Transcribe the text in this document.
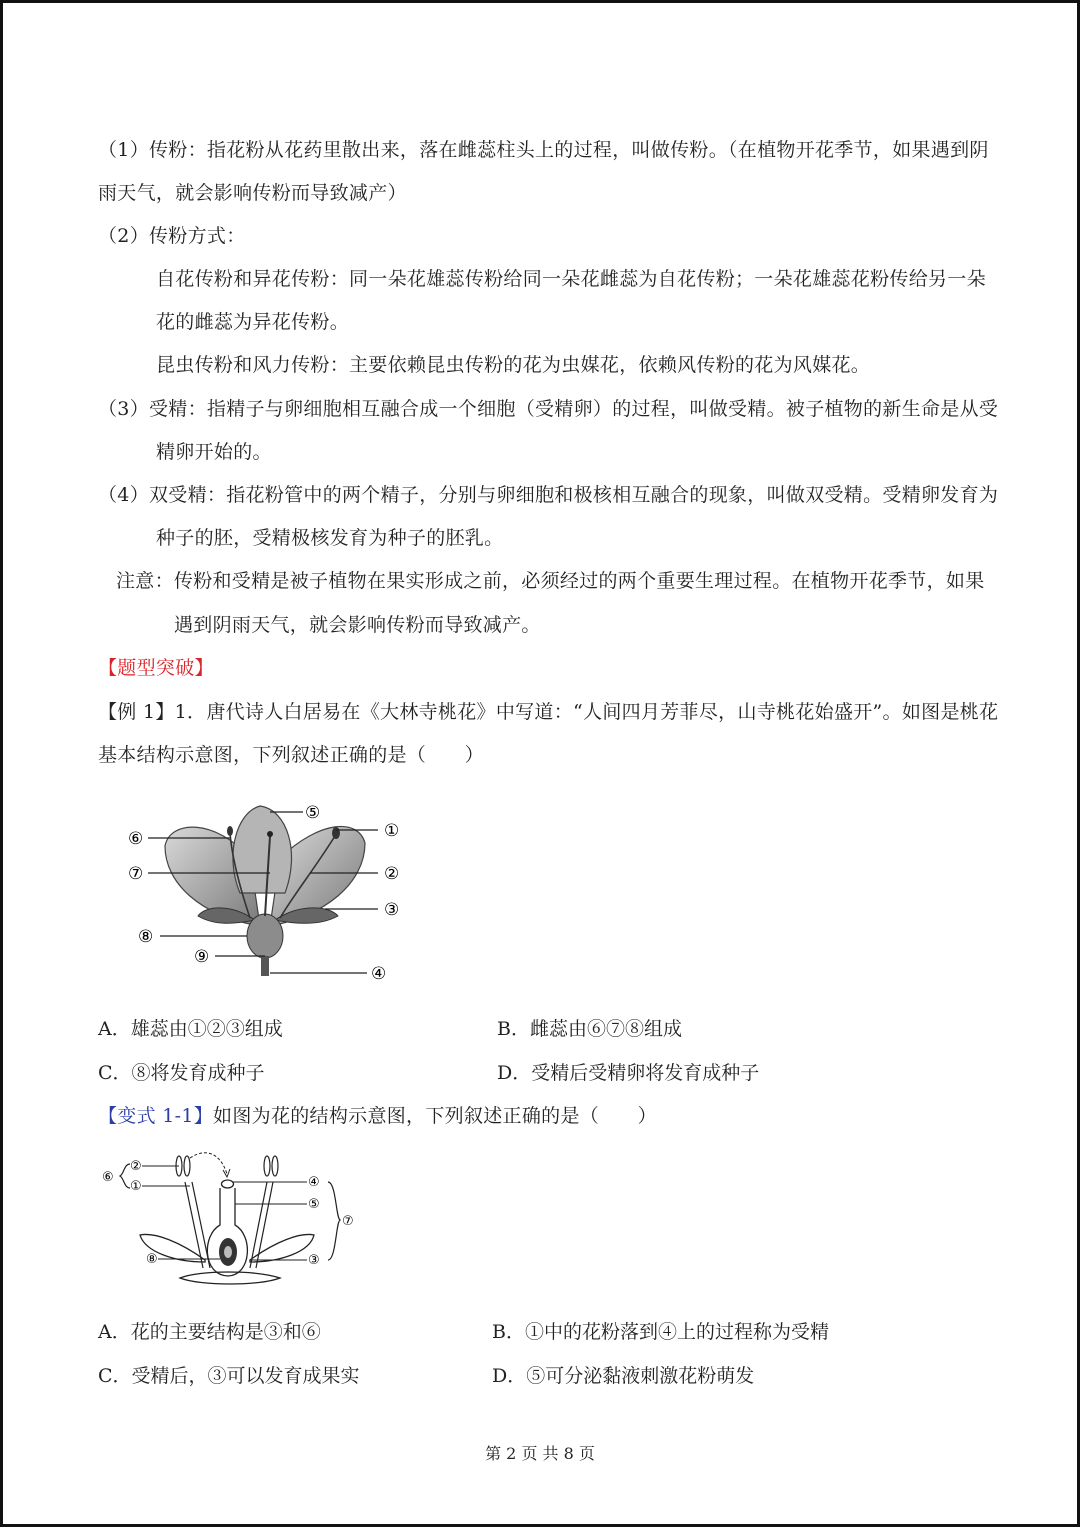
（1）传粉：指花粉从花药里散出来，落在雌蕊柱头上的过程，叫做传粉。（在植物开花季节，如果遇到阴
雨天气，就会影响传粉而导致减产）
（2）传粉方式：
自花传粉和异花传粉：同一朵花雄蕊传粉给同一朵花雌蕊为自花传粉；一朵花雄蕊花粉传给另一朵
花的雌蕊为异花传粉。
昆虫传粉和风力传粉：主要依赖昆虫传粉的花为虫媒花，依赖风传粉的花为风媒花。
（3）受精：指精子与卵细胞相互融合成一个细胞（受精卵）的过程，叫做受精。被子植物的新生命是从受
精卵开始的。
（4）双受精：指花粉管中的两个精子，分别与卵细胞和极核相互融合的现象，叫做双受精。受精卵发育为
种子的胚，受精极核发育为种子的胚乳。
注意：传粉和受精是被子植物在果实形成之前，必须经过的两个重要生理过程。在植物开花季节，如果
遇到阴雨天气，就会影响传粉而导致减产。
【题型突破】
【例 1】1．唐代诗人白居易在《大林寺桃花》中写道：“人间四月芳菲尽，山寺桃花始盛开”。如图是桃花
基本结构示意图，下列叙述正确的是（　　）
⑤
⑥	①
⑦	②
③
⑧
⑨
④
A．雄蕊由①②③组成	B．雌蕊由⑥⑦⑧组成
C．⑧将发育成种子	D．受精后受精卵将发育成种子
【变式 1-1】如图为花的结构示意图，下列叙述正确的是（　　）
⑥
②
①	④
⑤
⑦
⑧	③
A．花的主要结构是③和⑥	B．①中的花粉落到④上的过程称为受精
C．受精后，③可以发育成果实	D．⑤可分泌黏液刺激花粉萌发
第 2 页 共 8 页
